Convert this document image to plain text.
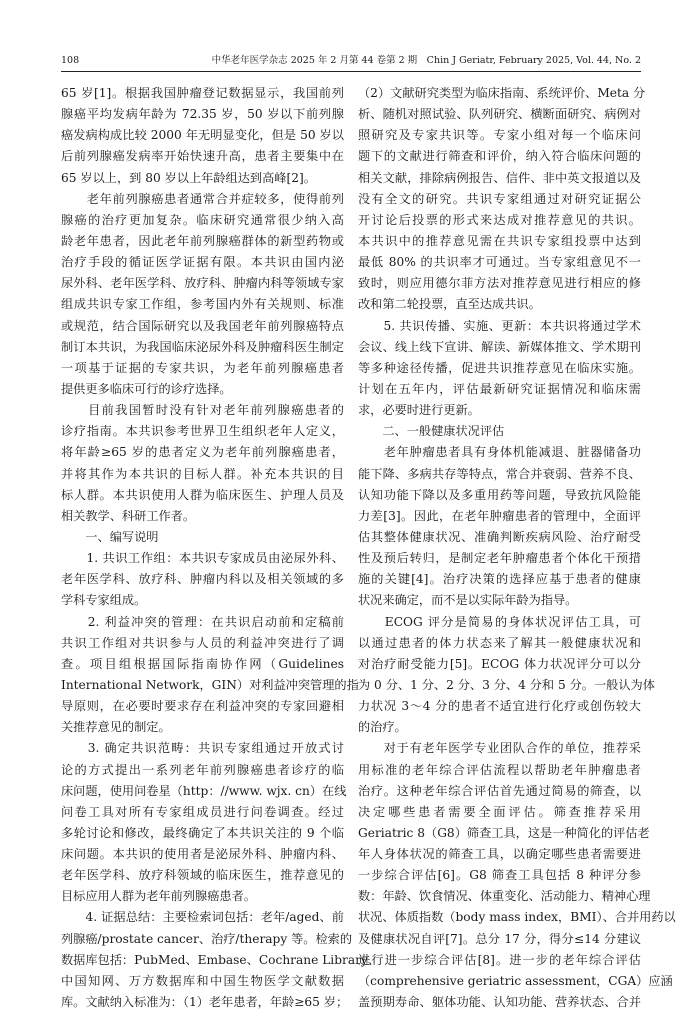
108	中华老年医学杂志 2025 年 2 月第 44 卷第 2 期　Chin J Geriatr, February 2025, Vol. 44, No. 2
65 岁[1]。根据我国肿瘤登记数据显示，我国前列
腺癌平均发病年龄为 72.35 岁，50 岁以下前列腺
癌发病构成比较 2000 年无明显变化，但是 50 岁以
后前列腺癌发病率开始快速升高，患者主要集中在
65 岁以上，到 80 岁以上年龄组达到高峰[2]。
　　老年前列腺癌患者通常合并症较多，使得前列
腺癌的治疗更加复杂。临床研究通常很少纳入高
龄老年患者，因此老年前列腺癌群体的新型药物或
治疗手段的循证医学证据有限。本共识由国内泌
尿外科、老年医学科、放疗科、肿瘤内科等领域专家
组成共识专家工作组，参考国内外有关规则、标准
或规范，结合国际研究以及我国老年前列腺癌特点
制订本共识，为我国临床泌尿外科及肿瘤科医生制定
一项基于证据的专家共识，为老年前列腺癌患者
提供更多临床可行的诊疗选择。
　　目前我国暂时没有针对老年前列腺癌患者的
诊疗指南。本共识参考世界卫生组织老年人定义，
将年龄≥65 岁的患者定义为老年前列腺癌患者，
并将其作为本共识的目标人群。补充本共识的目
标人群。本共识使用人群为临床医生、护理人员及
相关教学、科研工作者。
　　一、编写说明
　　1. 共识工作组：本共识专家成员由泌尿外科、
老年医学科、放疗科、肿瘤内科以及相关领域的多
学科专家组成。
　　2. 利益冲突的管理：在共识启动前和定稿前
共识工作组对共识参与人员的利益冲突进行了调
查。项目组根据国际指南协作网（Guidelines
International Network，GIN）对利益冲突管理的指
导原则，在必要时要求存在利益冲突的专家回避相
关推荐意见的制定。
　　3. 确定共识范畴：共识专家组通过开放式讨
论的方式提出一系列老年前列腺癌患者诊疗的临
床问题，使用问卷星（http：//www. wjx. cn）在线
问卷工具对所有专家组成员进行问卷调查。经过
多轮讨论和修改，最终确定了本共识关注的 9 个临
床问题。本共识的使用者是泌尿外科、肿瘤内科、
老年医学科、放疗科领域的临床医生，推荐意见的
目标应用人群为老年前列腺癌患者。
　　4. 证据总结：主要检索词包括：老年/aged、前
列腺癌/prostate cancer、治疗/therapy 等。检索的
数据库包括：PubMed、Embase、Cochrane Library、
中国知网、万方数据库和中国生物医学文献数据
库。文献纳入标准为：（1）老年患者，年龄≥65 岁；
（2）文献研究类型为临床指南、系统评价、Meta 分
析、随机对照试验、队列研究、横断面研究、病例对
照研究及专家共识等。专家小组对每一个临床问
题下的文献进行筛查和评价，纳入符合临床问题的
相关文献，排除病例报告、信件、非中英文报道以及
没有全文的研究。共识专家组通过对研究证据公
开讨论后投票的形式来达成对推荐意见的共识。
本共识中的推荐意见需在共识专家组投票中达到
最低 80% 的共识率才可通过。当专家组意见不一
致时，则应用德尔菲方法对推荐意见进行相应的修
改和第二轮投票，直至达成共识。
　　5. 共识传播、实施、更新：本共识将通过学术
会议、线上线下宣讲、解读、新媒体推文、学术期刊
等多种途径传播，促进共识推荐意见在临床实施。
计划在五年内，评估最新研究证据情况和临床需
求，必要时进行更新。
　　二、一般健康状况评估
　　老年肿瘤患者具有身体机能减退、脏器储备功
能下降、多病共存等特点，常合并衰弱、营养不良、
认知功能下降以及多重用药等问题，导致抗风险能
力差[3]。因此，在老年肿瘤患者的管理中，全面评
估其整体健康状况、准确判断疾病风险、治疗耐受
性及预后转归，是制定老年肿瘤患者个体化干预措
施的关键[4]。治疗决策的选择应基于患者的健康
状况来确定，而不是以实际年龄为指导。
　　ECOG 评分是简易的身体状况评估工具，可
以通过患者的体力状态来了解其一般健康状况和
对治疗耐受能力[5]。ECOG 体力状况评分可以分
为 0 分、1 分、2 分、3 分、4 分和 5 分。一般认为体
力状况 3～4 分的患者不适宜进行化疗或创伤较大
的治疗。
　　对于有老年医学专业团队合作的单位，推荐采
用标准的老年综合评估流程以帮助老年肿瘤患者
治疗。这种老年综合评估首先通过简易的筛查，以
决定哪些患者需要全面评估。筛查推荐采用
Geriatric 8（G8）筛查工具，这是一种简化的评估老
年人身体状况的筛查工具，以确定哪些患者需要进
一步综合评估[6]。G8 筛查工具包括 8 种评分参
数：年龄、饮食情况、体重变化、活动能力、精神心理
状况、体质指数（body mass index，BMI）、合并用药以
及健康状况自评[7]。总分 17 分，得分≤14 分建议
进行进一步综合评估[8]。进一步的老年综合评估
（comprehensive geriatric assessment，CGA）应涵
盖预期寿命、躯体功能、认知功能、营养状态、合并
